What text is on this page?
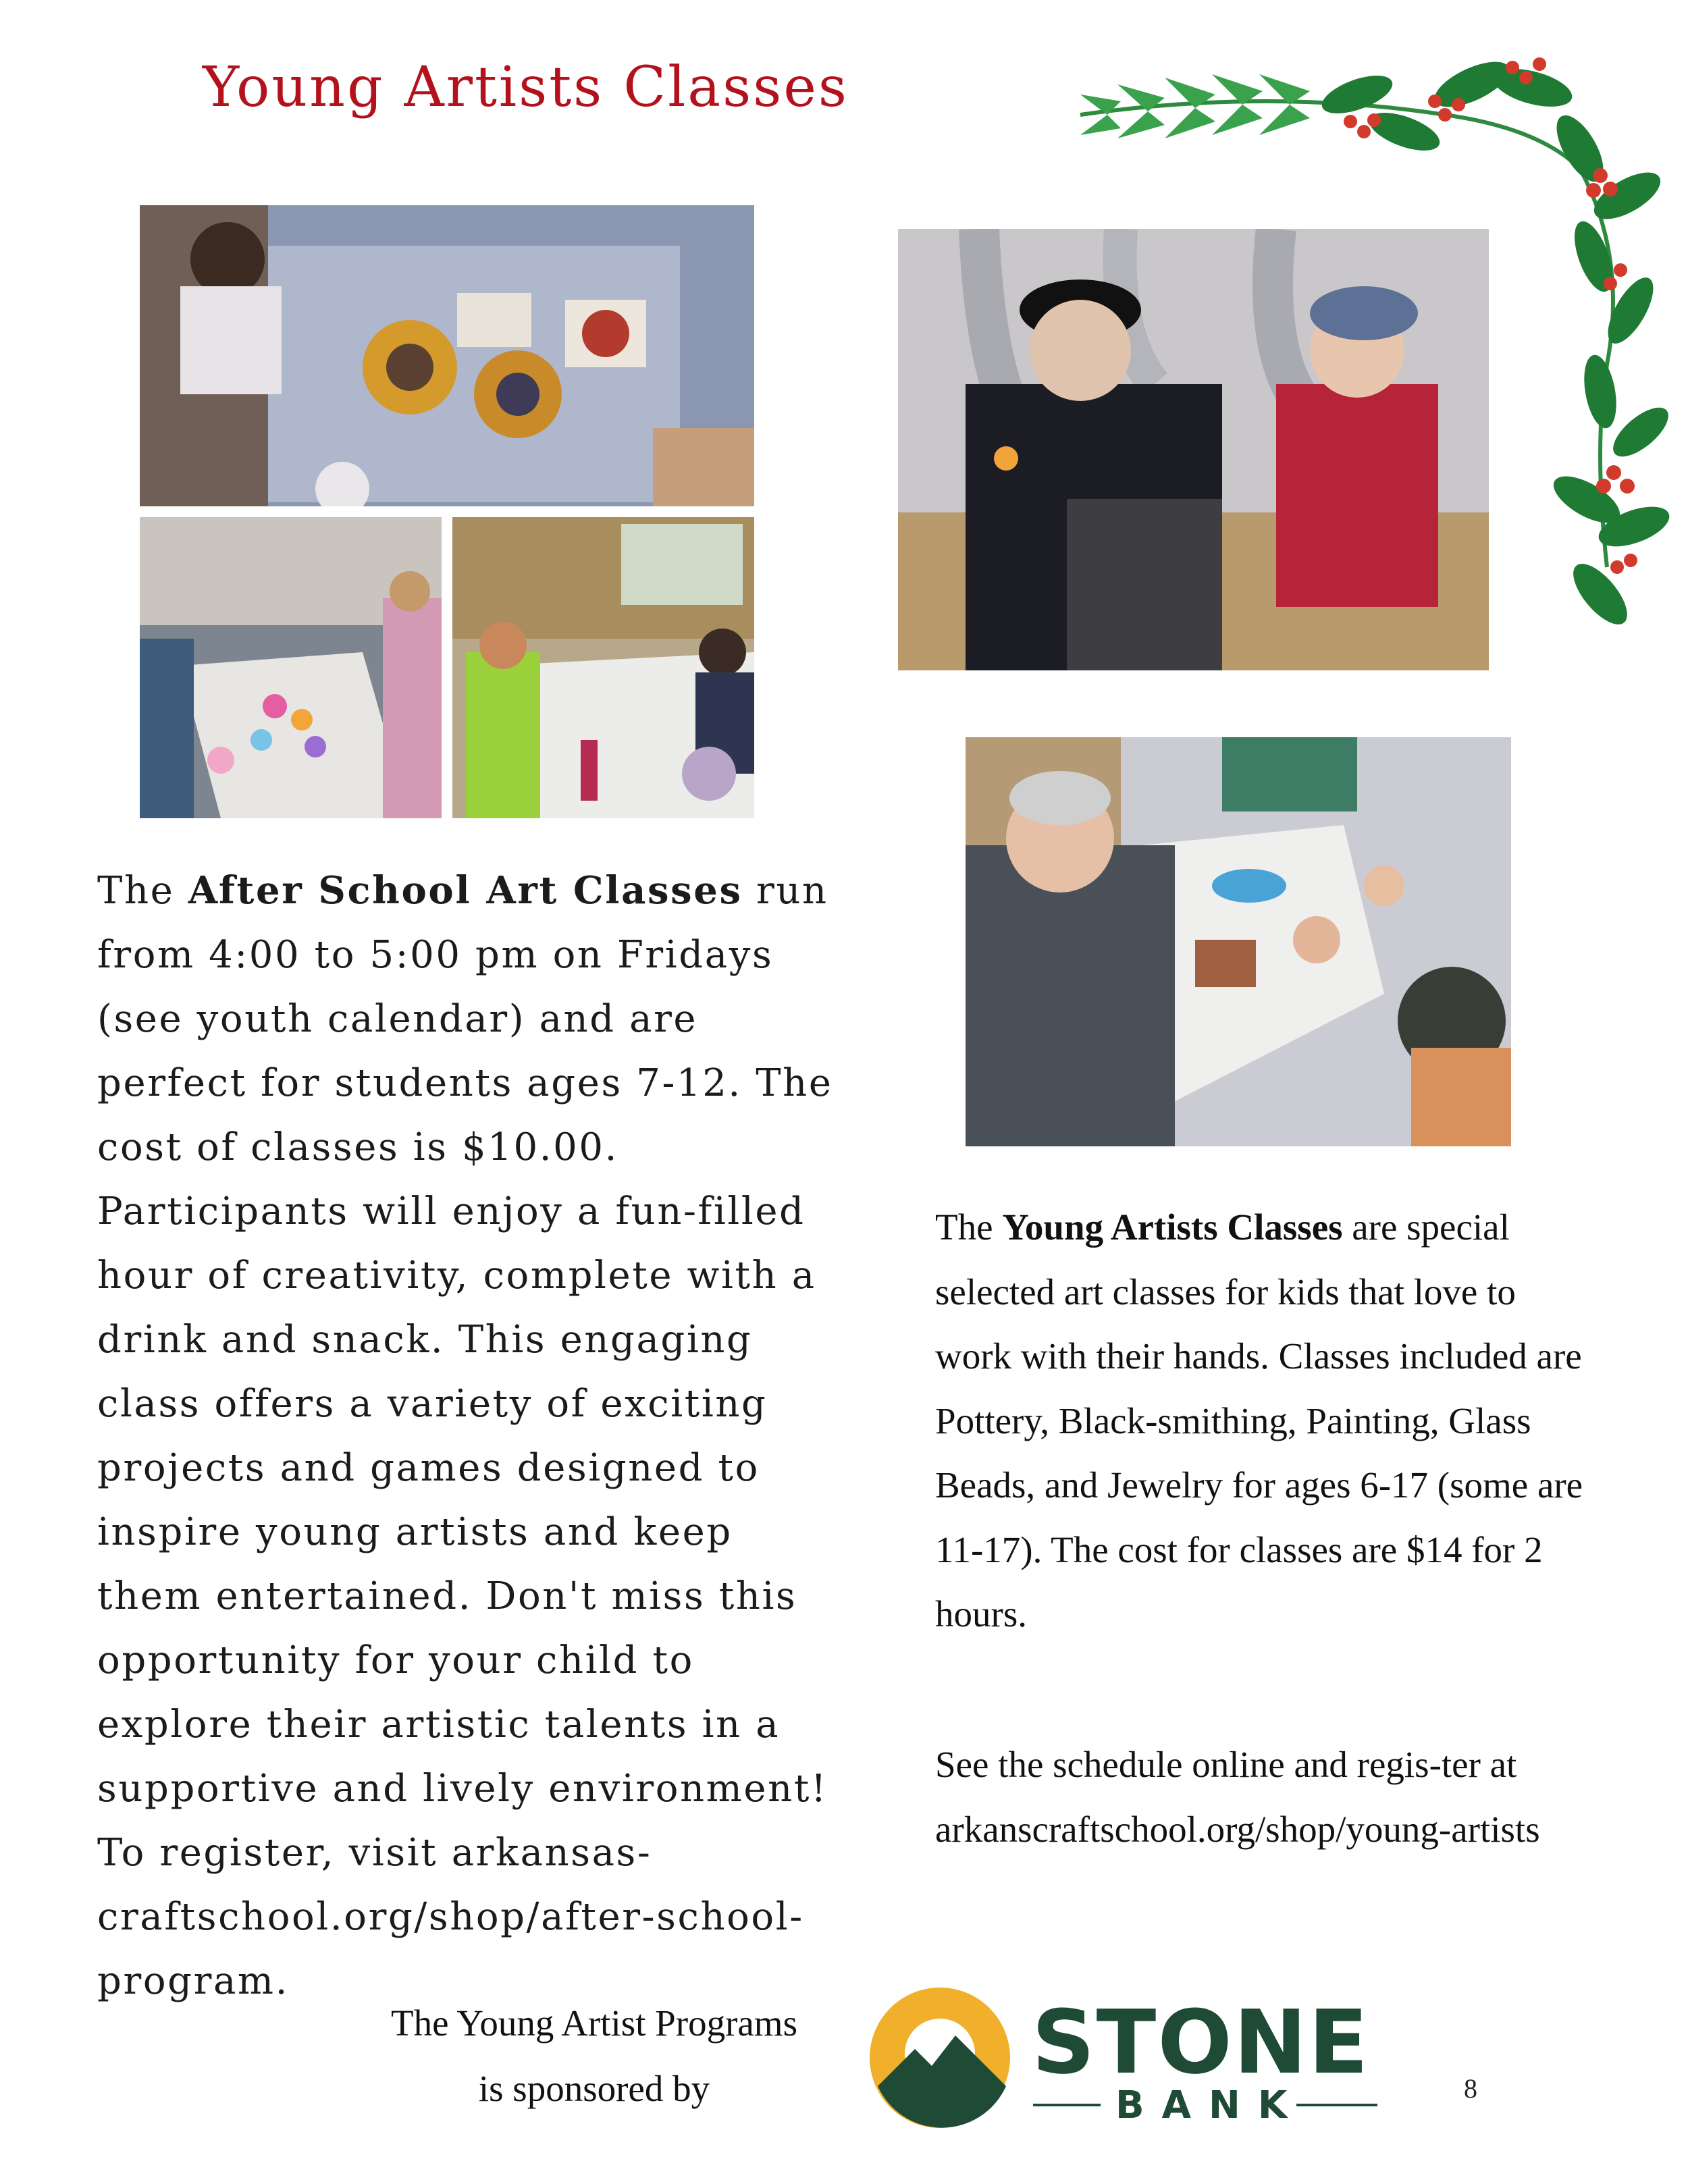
Young Artists Classes

The After School Art Classes run from 4:00 to 5:00 pm on Fridays (see youth calendar) and are perfect for students ages 7-12. The cost of classes is $10.00. Participants will enjoy a fun-filled hour of creativity, complete with a drink and snack. This engaging class offers a variety of exciting projects and games designed to inspire young artists and keep them entertained. Don't miss this opportunity for your child to explore their artistic talents in a supportive and lively environment! To register, visit arkansas-craftschool.org/shop/after-school-program.

The Young Artists Classes are special selected art classes for kids that love to work with their hands. Classes included are Pottery, Black-smithing, Painting, Glass Beads, and Jewelry for ages 6-17 (some are 11-17). The cost for classes are $14 for 2 hours.

See the schedule online and regis-ter at arkanscraftschool.org/shop/young-artists

The Young Artist Programs
is sponsored by	STONE
BANK	8
